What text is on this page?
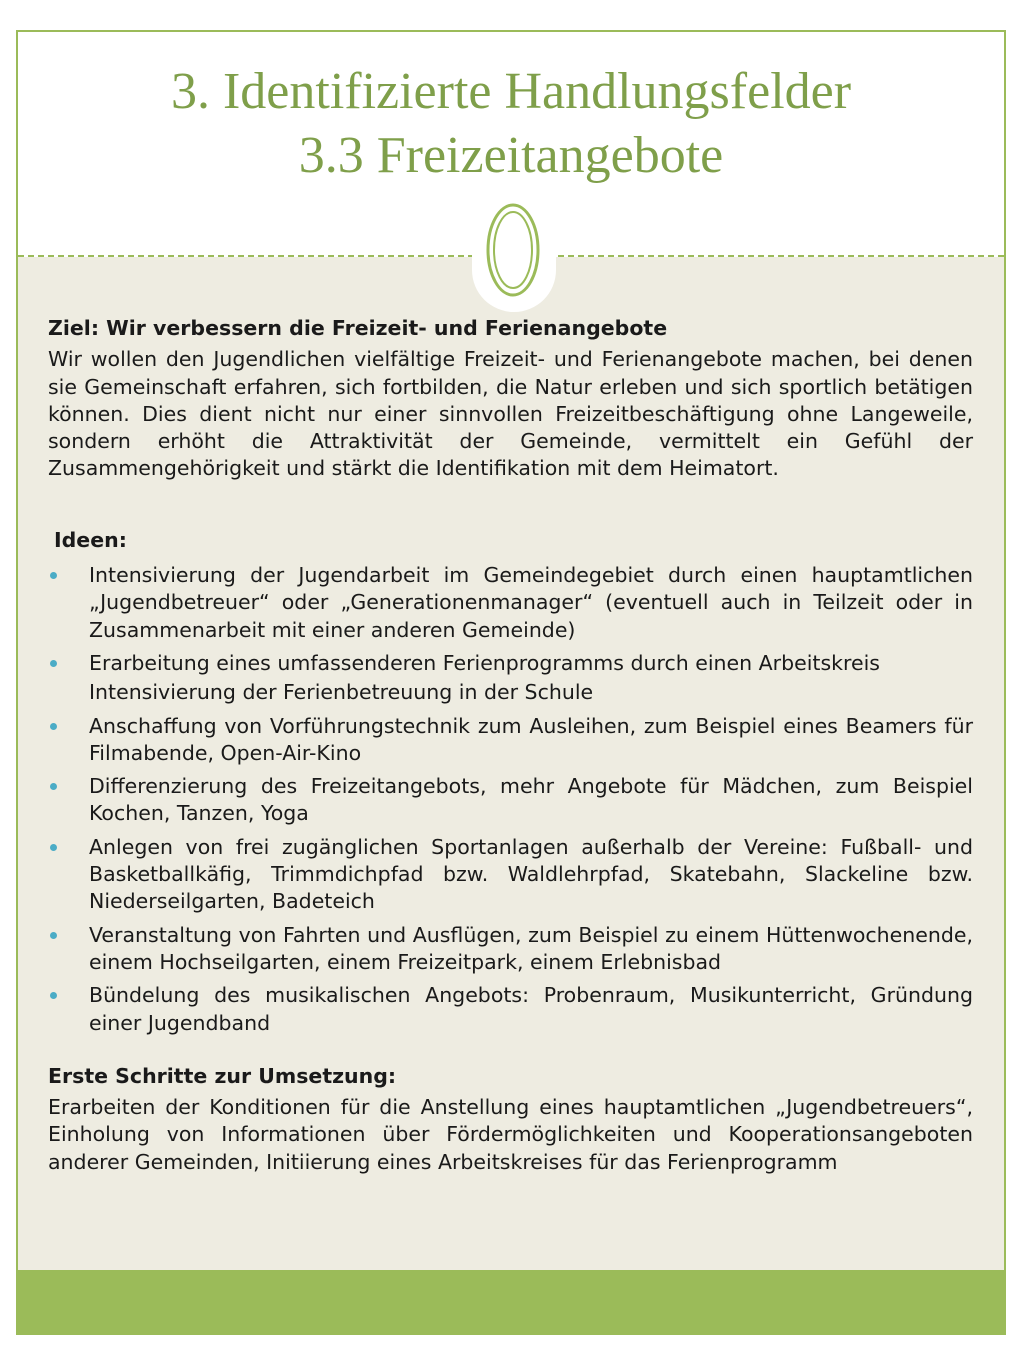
3. Identifizierte Handlungsfelder
3.3 Freizeitangebote

Ziel: Wir verbessern die Freizeit- und Ferienangebote

Wir wollen den Jugendlichen vielfältige Freizeit- und Ferienangebote machen, bei denen sie Gemeinschaft erfahren, sich fortbilden, die Natur erleben und sich sportlich betätigen können. Dies dient nicht nur einer sinnvollen Freizeitbeschäftigung ohne Langeweile, sondern erhöht die Attraktivität der Gemeinde, vermittelt ein Gefühl der Zusammengehörigkeit und stärkt die Identifikation mit dem Heimatort.

Ideen:

Intensivierung der Jugendarbeit im Gemeindegebiet durch einen hauptamtlichen „Jugendbetreuer“ oder „Generationenmanager“ (eventuell auch in Teilzeit oder in Zusammenarbeit mit einer anderen Gemeinde)
Erarbeitung eines umfassenderen Ferienprogramms durch einen Arbeitskreis
Intensivierung der Ferienbetreuung in der Schule
Anschaffung von Vorführungstechnik zum Ausleihen, zum Beispiel eines Beamers für Filmabende, Open-Air-Kino
Differenzierung des Freizeitangebots, mehr Angebote für Mädchen, zum Beispiel Kochen, Tanzen, Yoga
Anlegen von frei zugänglichen Sportanlagen außerhalb der Vereine: Fußball- und Basketballkäfig, Trimmdichpfad bzw. Waldlehrpfad, Skatebahn, Slackeline bzw. Niederseilgarten, Badeteich
Veranstaltung von Fahrten und Ausflügen, zum Beispiel zu einem Hüttenwochenende, einem Hochseilgarten, einem Freizeitpark, einem Erlebnisbad
Bündelung des musikalischen Angebots: Probenraum, Musikunterricht, Gründung einer Jugendband

Erste Schritte zur Umsetzung:

Erarbeiten der Konditionen für die Anstellung eines hauptamtlichen „Jugendbetreuers“, Einholung von Informationen über Fördermöglichkeiten und Kooperationsangeboten anderer Gemeinden, Initiierung eines Arbeitskreises für das Ferienprogramm
